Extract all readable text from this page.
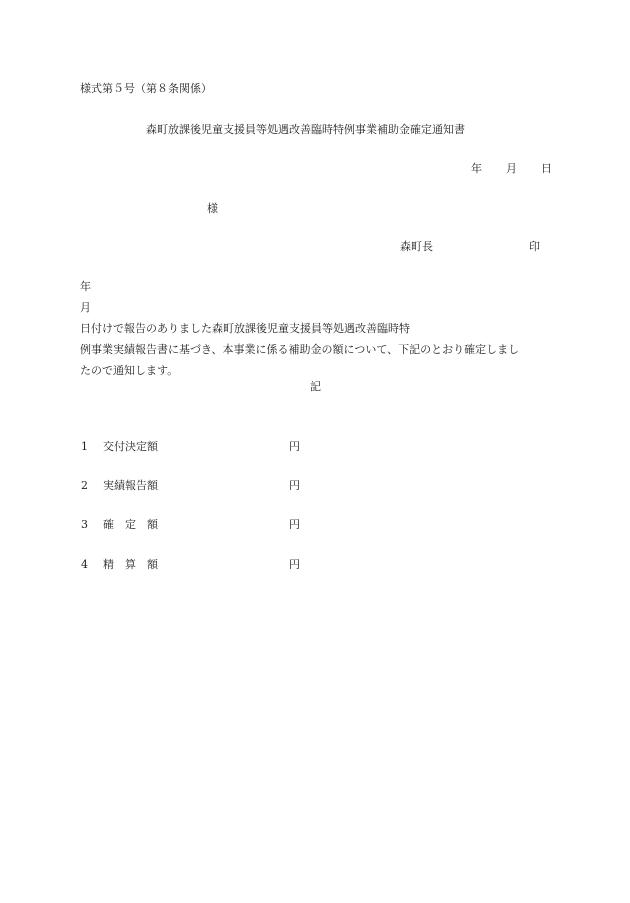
様式第５号（第８条関係）
森町放課後児童支援員等処遇改善臨時特例事業補助金確定通知書
年 月 日
様
森町長	印
年
月
日付けで報告のありました森町放課後児童支援員等処遇改善臨時特
例事業実績報告書に基づき、本事業に係る補助金の額について、下記のとおり確定しまし
たので通知します。
記
1 交付決定額	円
2 実績報告額	円
3 確　定　額	円
4 精　算　額	円
